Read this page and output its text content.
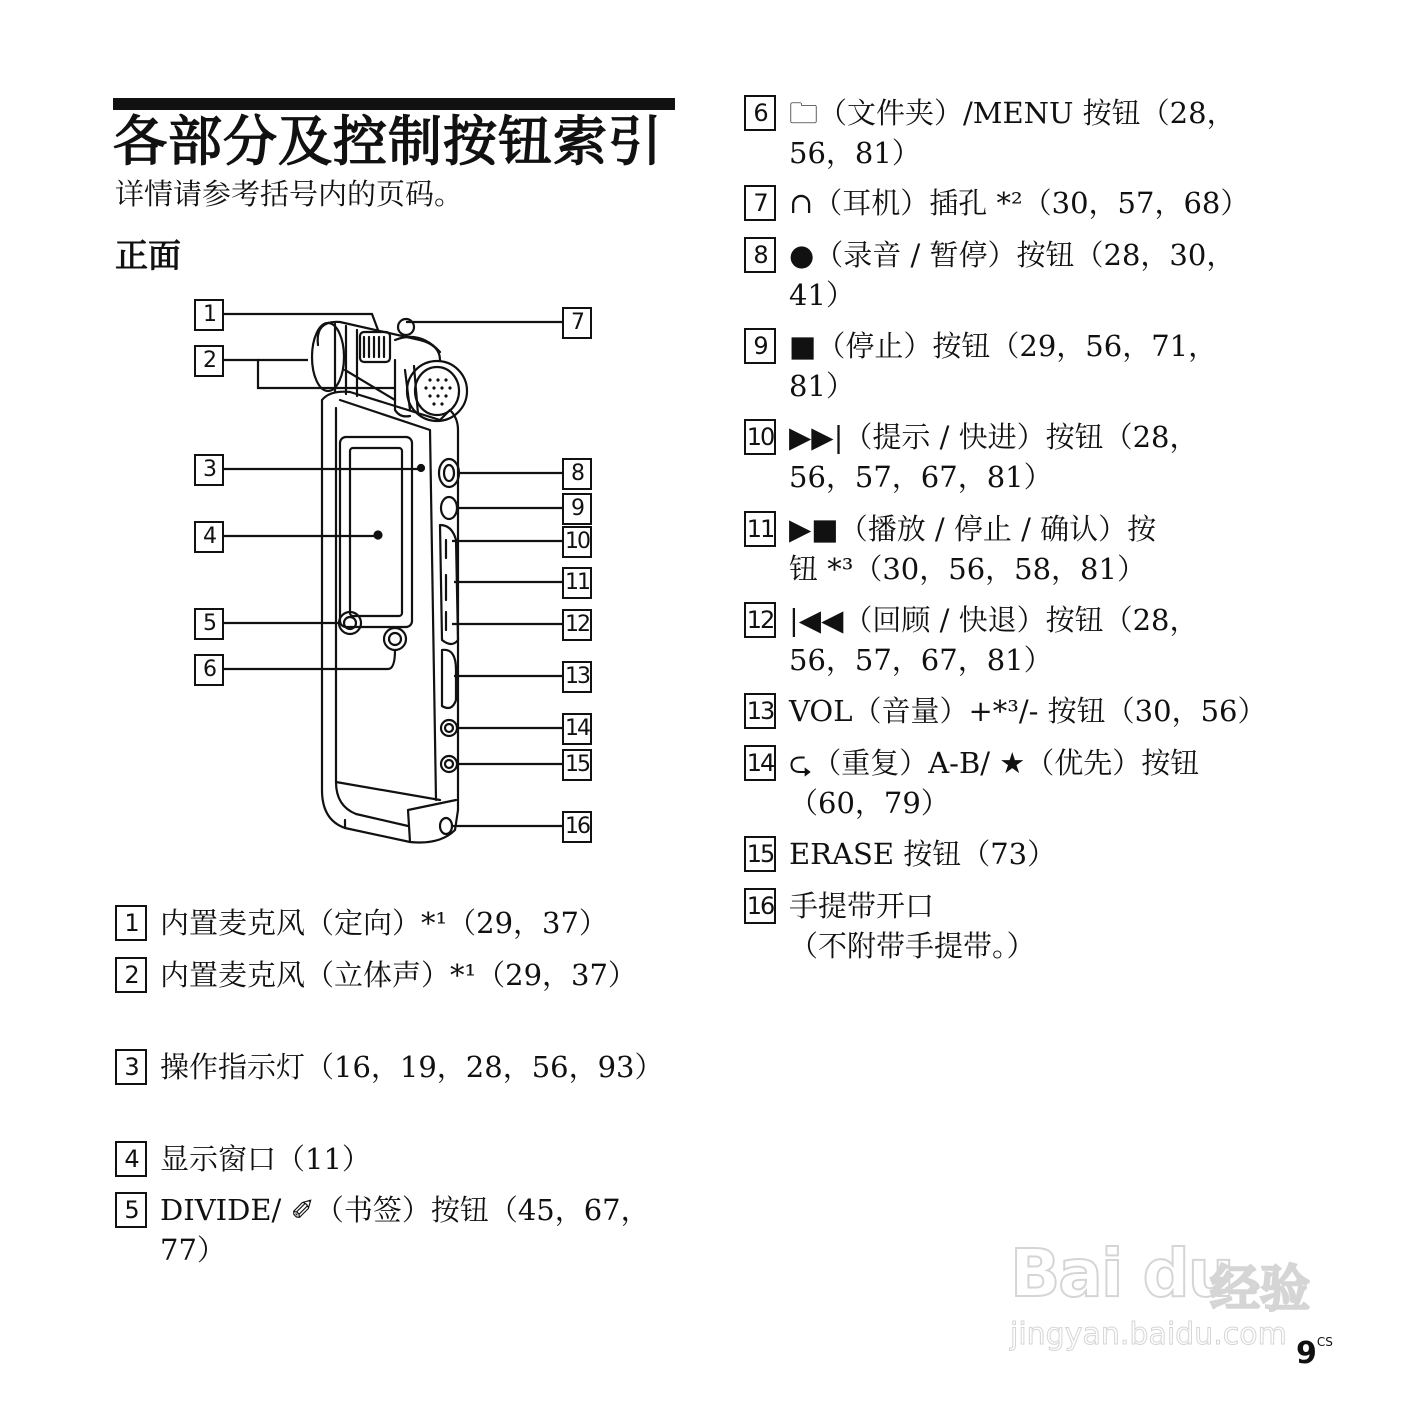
各部分及控制按钮索引
详情请参考括号内的页码。
正面
1
2
3
4
5
6
7
8
9
10
11
12
13
14
15
16
1 内置麦克风（定向）*¹（29，37）
2 内置麦克风（立体声）*¹（29，37）
3 操作指示灯（16，19，28，56，93）
4 显示窗口（11）
5 DIVIDE/ ✐（书签）按钮（45，67，77）
6 🗀（文件夹）/MENU 按钮（28，
56，81）
7 ∩（耳机）插孔 *²（30，57，68）
8 ●（录音 / 暂停）按钮（28，30，
41）
9 ■（停止）按钮（29，56，71，
81）
10 ▶▶|（提示 / 快进）按钮（28，
56，57，67，81）
11 ▶■（播放 / 停止 / 确认）按
钮 *³（30，56，58，81）
12 |◀◀（回顾 / 快退）按钮（28，
56，57，67，81）
13 VOL（音量）+*³/- 按钮（30，56）
14 ⮎（重复）A-B/ ★（优先）按钮
（60，79）
15 ERASE 按钮（73）
16 手提带开口
（不附带手提带。）
Bai du
经验
jingyan.baidu.com
$9^{CS}$
